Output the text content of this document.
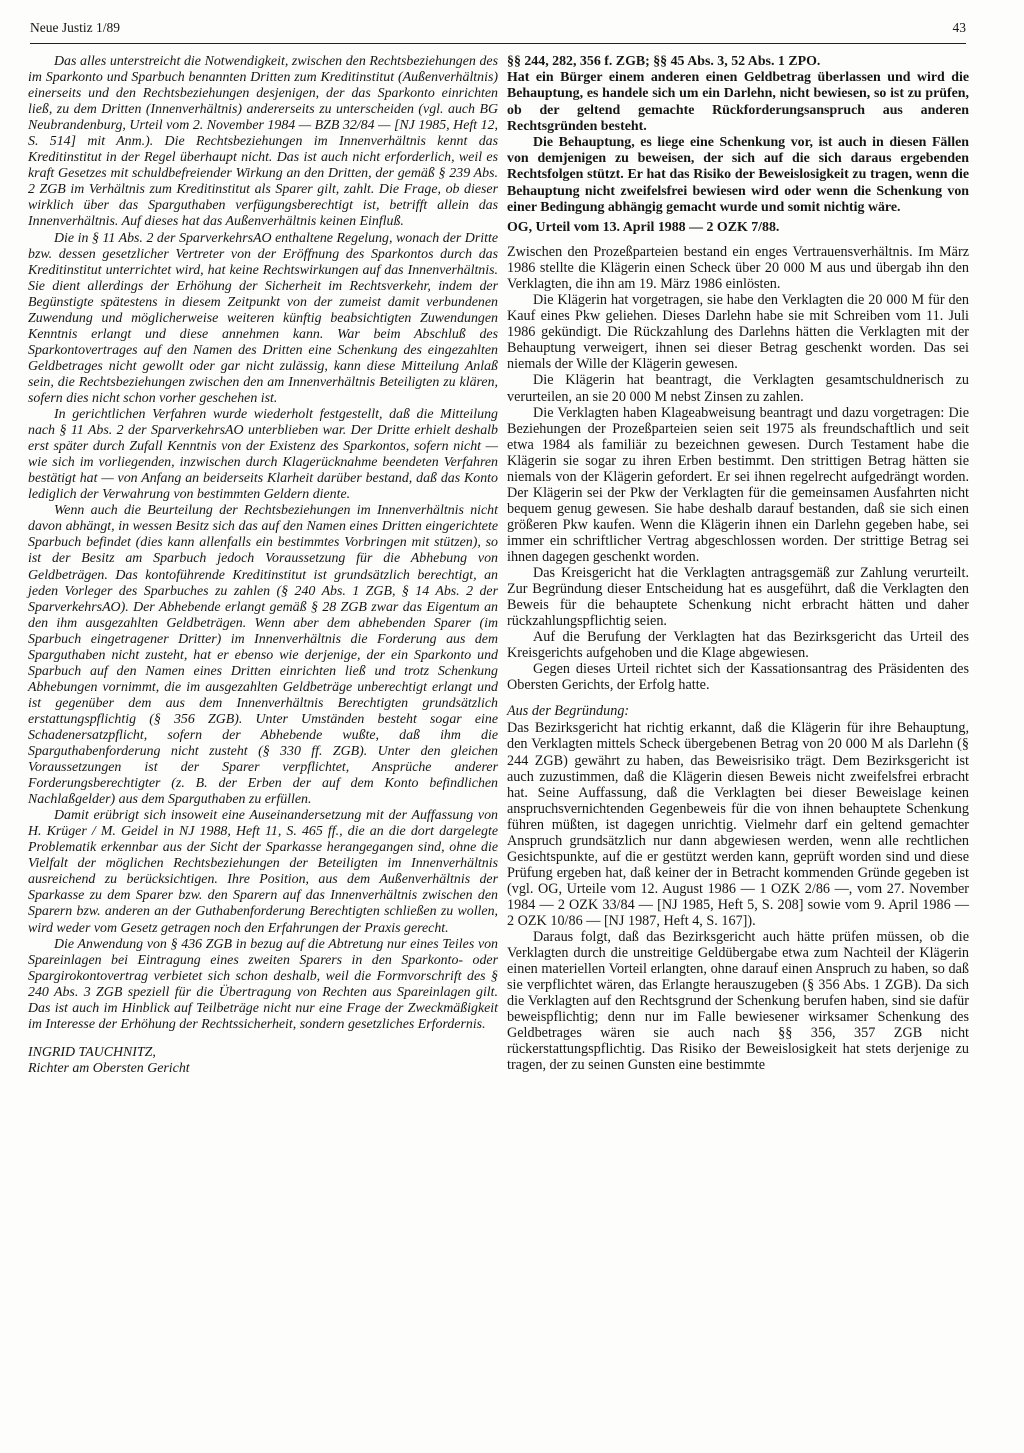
Neue Justiz 1/89	43

Das alles unterstreicht die Notwendigkeit, zwischen den Rechtsbeziehungen des im Sparkonto und Sparbuch benannten Dritten zum Kreditinstitut (Außenverhältnis) einerseits und den Rechtsbeziehungen desjenigen, der das Sparkonto einrichten ließ, zu dem Dritten (Innenverhältnis) andererseits zu unterscheiden (vgl. auch BG Neubrandenburg, Urteil vom 2. November 1984 — BZB 32/84 — [NJ 1985, Heft 12, S. 514] mit Anm.). Die Rechtsbeziehungen im Innenverhältnis kennt das Kreditinstitut in der Regel überhaupt nicht. Das ist auch nicht erforderlich, weil es kraft Gesetzes mit schuldbefreiender Wirkung an den Dritten, der gemäß § 239 Abs. 2 ZGB im Verhältnis zum Kreditinstitut als Sparer gilt, zahlt. Die Frage, ob dieser wirklich über das Sparguthaben verfügungsberechtigt ist, betrifft allein das Innenverhältnis. Auf dieses hat das Außenverhältnis keinen Einfluß.

Die in § 11 Abs. 2 der SparverkehrsAO enthaltene Regelung, wonach der Dritte bzw. dessen gesetzlicher Vertreter von der Eröffnung des Sparkontos durch das Kreditinstitut unterrichtet wird, hat keine Rechtswirkungen auf das Innenverhältnis. Sie dient allerdings der Erhöhung der Sicherheit im Rechtsverkehr, indem der Begünstigte spätestens in diesem Zeitpunkt von der zumeist damit verbundenen Zuwendung und möglicherweise weiteren künftig beabsichtigten Zuwendungen Kenntnis erlangt und diese annehmen kann. War beim Abschluß des Sparkontovertrages auf den Namen des Dritten eine Schenkung des eingezahlten Geldbetrages nicht gewollt oder gar nicht zulässig, kann diese Mitteilung Anlaß sein, die Rechtsbeziehungen zwischen den am Innenverhältnis Beteiligten zu klären, sofern dies nicht schon vorher geschehen ist.

In gerichtlichen Verfahren wurde wiederholt festgestellt, daß die Mitteilung nach § 11 Abs. 2 der SparverkehrsAO unterblieben war. Der Dritte erhielt deshalb erst später durch Zufall Kenntnis von der Existenz des Sparkontos, sofern nicht — wie sich im vorliegenden, inzwischen durch Klagerücknahme beendeten Verfahren bestätigt hat — von Anfang an beiderseits Klarheit darüber bestand, daß das Konto lediglich der Verwahrung von bestimmten Geldern diente.

Wenn auch die Beurteilung der Rechtsbeziehungen im Innenverhältnis nicht davon abhängt, in wessen Besitz sich das auf den Namen eines Dritten eingerichtete Sparbuch befindet (dies kann allenfalls ein bestimmtes Vorbringen mit stützen), so ist der Besitz am Sparbuch jedoch Voraussetzung für die Abhebung von Geldbeträgen. Das kontoführende Kreditinstitut ist grundsätzlich berechtigt, an jeden Vorleger des Sparbuches zu zahlen (§ 240 Abs. 1 ZGB, § 14 Abs. 2 der SparverkehrsAO). Der Abhebende erlangt gemäß § 28 ZGB zwar das Eigentum an den ihm ausgezahlten Geldbeträgen. Wenn aber dem abhebenden Sparer (im Sparbuch eingetragener Dritter) im Innenverhältnis die Forderung aus dem Sparguthaben nicht zusteht, hat er ebenso wie derjenige, der ein Sparkonto und Sparbuch auf den Namen eines Dritten einrichten ließ und trotz Schenkung Abhebungen vornimmt, die im ausgezahlten Geldbeträge unberechtigt erlangt und ist gegenüber dem aus dem Innenverhältnis Berechtigten grundsätzlich erstattungspflichtig (§ 356 ZGB). Unter Umständen besteht sogar eine Schadenersatzpflicht, sofern der Abhebende wußte, daß ihm die Sparguthabenforderung nicht zusteht (§ 330 ff. ZGB). Unter den gleichen Voraussetzungen ist der Sparer verpflichtet, Ansprüche anderer Forderungsberechtigter (z. B. der Erben der auf dem Konto befindlichen Nachlaßgelder) aus dem Sparguthaben zu erfüllen.

Damit erübrigt sich insoweit eine Auseinandersetzung mit der Auffassung von H. Krüger / M. Geidel in NJ 1988, Heft 11, S. 465 ff., die an die dort dargelegte Problematik erkennbar aus der Sicht der Sparkasse herangegangen sind, ohne die Vielfalt der möglichen Rechtsbeziehungen der Beteiligten im Innenverhältnis ausreichend zu berücksichtigen. Ihre Position, aus dem Außenverhältnis der Sparkasse zu dem Sparer bzw. den Sparern auf das Innenverhältnis zwischen den Sparern bzw. anderen an der Guthabenforderung Berechtigten schließen zu wollen, wird weder vom Gesetz getragen noch den Erfahrungen der Praxis gerecht.

Die Anwendung von § 436 ZGB in bezug auf die Abtretung nur eines Teiles von Spareinlagen bei Eintragung eines zweiten Sparers in den Sparkonto- oder Spargirokontovertrag verbietet sich schon deshalb, weil die Formvorschrift des § 240 Abs. 3 ZGB speziell für die Übertragung von Rechten aus Spareinlagen gilt. Das ist auch im Hinblick auf Teilbeträge nicht nur eine Frage der Zweckmäßigkeit im Interesse der Erhöhung der Rechtssicherheit, sondern gesetzliches Erfordernis.

INGRID TAUCHNITZ,
Richter am Obersten Gericht

§§ 244, 282, 356 f. ZGB; §§ 45 Abs. 3, 52 Abs. 1 ZPO.

Hat ein Bürger einem anderen einen Geldbetrag überlassen und wird die Behauptung, es handele sich um ein Darlehn, nicht bewiesen, so ist zu prüfen, ob der geltend gemachte Rückforderungsanspruch aus anderen Rechtsgründen besteht.

Die Behauptung, es liege eine Schenkung vor, ist auch in diesen Fällen von demjenigen zu beweisen, der sich auf die sich daraus ergebenden Rechtsfolgen stützt. Er hat das Risiko der Beweislosigkeit zu tragen, wenn die Behauptung nicht zweifelsfrei bewiesen wird oder wenn die Schenkung von einer Bedingung abhängig gemacht wurde und somit nichtig wäre.

OG, Urteil vom 13. April 1988 — 2 OZK 7/88.

Zwischen den Prozeßparteien bestand ein enges Vertrauensverhältnis. Im März 1986 stellte die Klägerin einen Scheck über 20 000 M aus und übergab ihn den Verklagten, die ihn am 19. März 1986 einlösten.

Die Klägerin hat vorgetragen, sie habe den Verklagten die 20 000 M für den Kauf eines Pkw geliehen. Dieses Darlehn habe sie mit Schreiben vom 11. Juli 1986 gekündigt. Die Rückzahlung des Darlehns hätten die Verklagten mit der Behauptung verweigert, ihnen sei dieser Betrag geschenkt worden. Das sei niemals der Wille der Klägerin gewesen.

Die Klägerin hat beantragt, die Verklagten gesamtschuldnerisch zu verurteilen, an sie 20 000 M nebst Zinsen zu zahlen.

Die Verklagten haben Klageabweisung beantragt und dazu vorgetragen: Die Beziehungen der Prozeßparteien seien seit 1975 als freundschaftlich und seit etwa 1984 als familiär zu bezeichnen gewesen. Durch Testament habe die Klägerin sie sogar zu ihren Erben bestimmt. Den strittigen Betrag hätten sie niemals von der Klägerin gefordert. Er sei ihnen regelrecht aufgedrängt worden. Der Klägerin sei der Pkw der Verklagten für die gemeinsamen Ausfahrten nicht bequem genug gewesen. Sie habe deshalb darauf bestanden, daß sie sich einen größeren Pkw kaufen. Wenn die Klägerin ihnen ein Darlehn gegeben habe, sei immer ein schriftlicher Vertrag abgeschlossen worden. Der strittige Betrag sei ihnen dagegen geschenkt worden.

Das Kreisgericht hat die Verklagten antragsgemäß zur Zahlung verurteilt. Zur Begründung dieser Entscheidung hat es ausgeführt, daß die Verklagten den Beweis für die behauptete Schenkung nicht erbracht hätten und daher rückzahlungspflichtig seien.

Auf die Berufung der Verklagten hat das Bezirksgericht das Urteil des Kreisgerichts aufgehoben und die Klage abgewiesen.

Gegen dieses Urteil richtet sich der Kassationsantrag des Präsidenten des Obersten Gerichts, der Erfolg hatte.

Aus der Begründung:

Das Bezirksgericht hat richtig erkannt, daß die Klägerin für ihre Behauptung, den Verklagten mittels Scheck übergebenen Betrag von 20 000 M als Darlehn (§ 244 ZGB) gewährt zu haben, das Beweisrisiko trägt. Dem Bezirksgericht ist auch zuzustimmen, daß die Klägerin diesen Beweis nicht zweifelsfrei erbracht hat. Seine Auffassung, daß die Verklagten bei dieser Beweislage keinen anspruchsvernichtenden Gegenbeweis für die von ihnen behauptete Schenkung führen müßten, ist dagegen unrichtig. Vielmehr darf ein geltend gemachter Anspruch grundsätzlich nur dann abgewiesen werden, wenn alle rechtlichen Gesichtspunkte, auf die er gestützt werden kann, geprüft worden sind und diese Prüfung ergeben hat, daß keiner der in Betracht kommenden Gründe gegeben ist (vgl. OG, Urteile vom 12. August 1986 — 1 OZK 2/86 —, vom 27. November 1984 — 2 OZK 33/84 — [NJ 1985, Heft 5, S. 208] sowie vom 9. April 1986 — 2 OZK 10/86 — [NJ 1987, Heft 4, S. 167]).

Daraus folgt, daß das Bezirksgericht auch hätte prüfen müssen, ob die Verklagten durch die unstreitige Geldübergabe etwa zum Nachteil der Klägerin einen materiellen Vorteil erlangten, ohne darauf einen Anspruch zu haben, so daß sie verpflichtet wären, das Erlangte herauszugeben (§ 356 Abs. 1 ZGB). Da sich die Verklagten auf den Rechtsgrund der Schenkung berufen haben, sind sie dafür beweispflichtig; denn nur im Falle bewiesener wirksamer Schenkung des Geldbetrages wären sie auch nach §§ 356, 357 ZGB nicht rückerstattungspflichtig. Das Risiko der Beweislosigkeit hat stets derjenige zu tragen, der zu seinen Gunsten eine bestimmte
